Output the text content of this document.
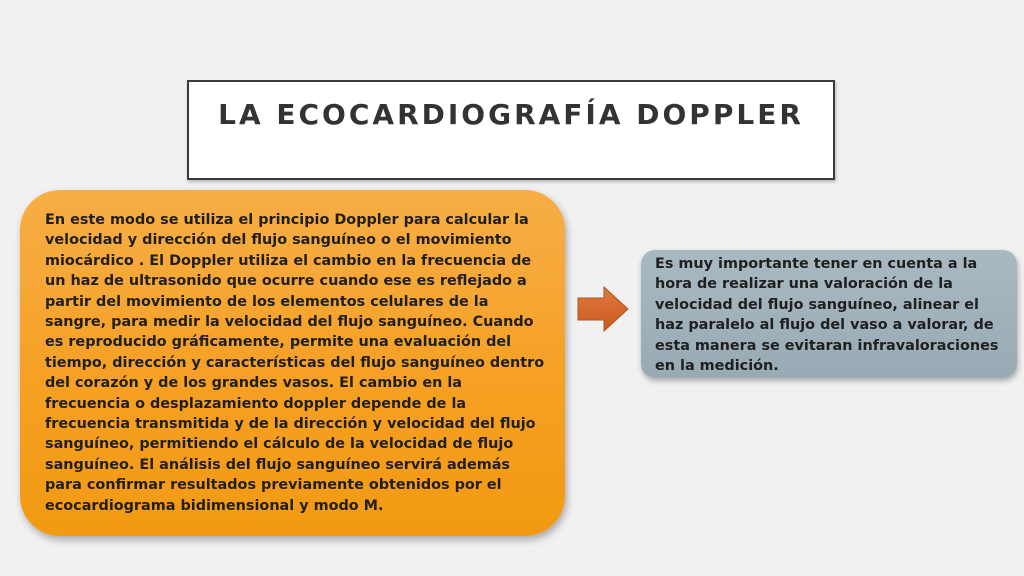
LA ECOCARDIOGRAFÍA DOPPLER

En este modo se utiliza el principio Doppler para calcular la velocidad y dirección del flujo sanguíneo o el movimiento miocárdico . El Doppler utiliza el cambio en la frecuencia de un haz de ultrasonido que ocurre cuando ese es reflejado a partir del movimiento de los elementos celulares de la sangre, para medir la velocidad del flujo sanguíneo. Cuando es reproducido gráficamente, permite una evaluación del tiempo, dirección y características del flujo sanguíneo dentro del corazón y de los grandes vasos. El cambio en la frecuencia o desplazamiento doppler depende de la frecuencia transmitida y de la dirección y velocidad del flujo sanguíneo, permitiendo el cálculo de la velocidad de flujo sanguíneo. El análisis del flujo sanguíneo servirá además para confirmar resultados previamente obtenidos por el ecocardiograma bidimensional y modo M.

Es muy importante tener en cuenta a la hora de realizar una valoración de la velocidad del flujo sanguíneo, alinear el haz paralelo al flujo del vaso a valorar, de esta manera se evitaran infravaloraciones en la medición.
